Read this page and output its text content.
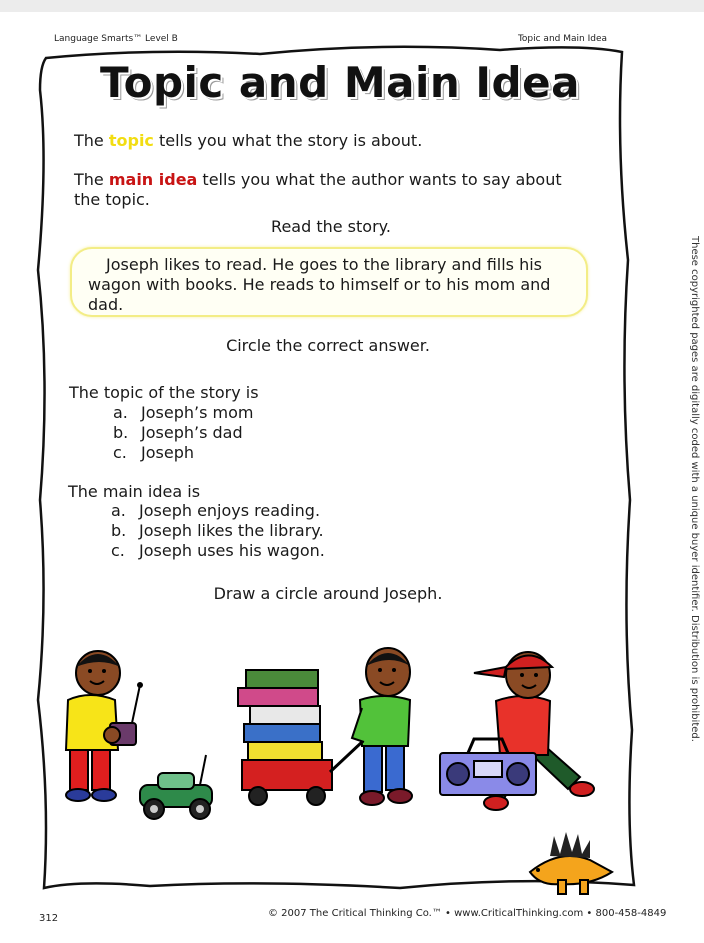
Language Smarts™ Level B	Topic and Main Idea
Topic and Main Idea
The topic tells you what the story is about.
The main idea tells you what the author wants to say about
the topic.
Read the story.
Joseph likes to read. He goes to the library and fills his wagon with books. He reads to himself or to his mom and dad.
Circle the correct answer.
The topic of the story is
a. Joseph’s mom
b. Joseph’s dad
c. Joseph
The main idea is
a. Joseph enjoys reading.
b. Joseph likes the library.
c. Joseph uses his wagon.
Draw a circle around Joseph.	These copyrighted pages are digitally coded with a unique buyer identifier. Distribution is prohibited.
312	© 2007 The Critical Thinking Co.™ • www.CriticalThinking.com • 800-458-4849
